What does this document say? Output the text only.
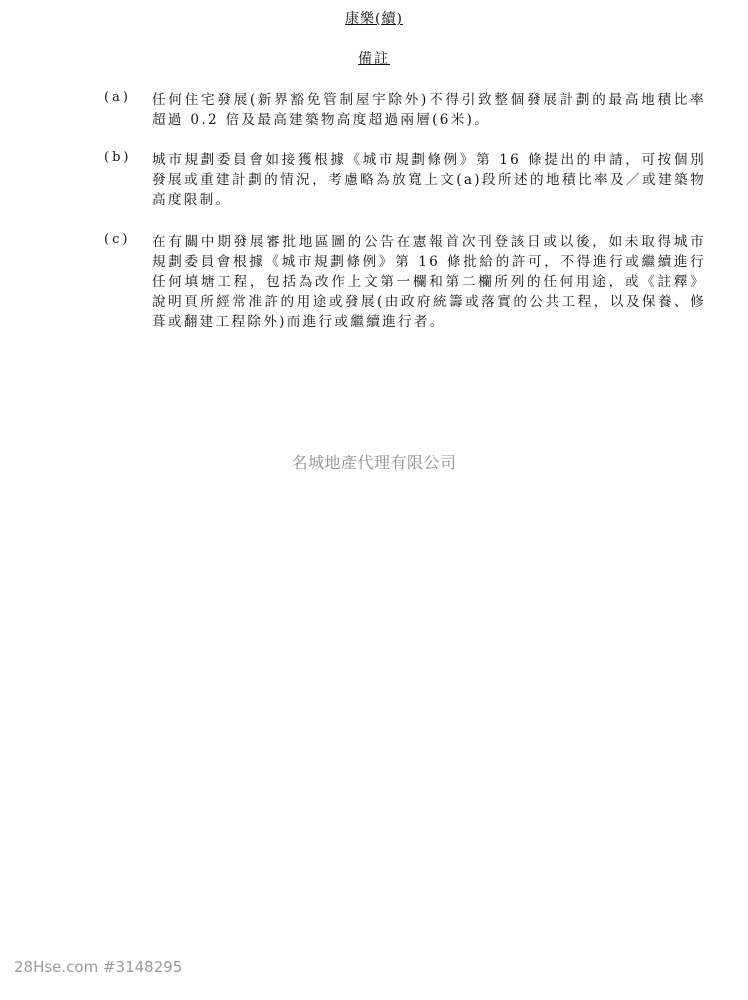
康樂(續)
備註
(a) 任何住宅發展(新界豁免管制屋宇除外)不得引致整個發展計劃的最高地積比率超過 0.2 倍及最高建築物高度超過兩層(6米)。
(b) 城市規劃委員會如接獲根據《城市規劃條例》第 16 條提出的申請，可按個別發展或重建計劃的情況，考慮略為放寬上文(a)段所述的地積比率及／或建築物高度限制。
(c) 在有關中期發展審批地區圖的公告在憲報首次刊登該日或以後，如未取得城市規劃委員會根據《城市規劃條例》第 16 條批給的許可，不得進行或繼續進行任何填塘工程，包括為改作上文第一欄和第二欄所列的任何用途，或《註釋》說明頁所經常准許的用途或發展(由政府統籌或落實的公共工程，以及保養、修葺或翻建工程除外)而進行或繼續進行者。
名城地產代理有限公司
28Hse.com #3148295
